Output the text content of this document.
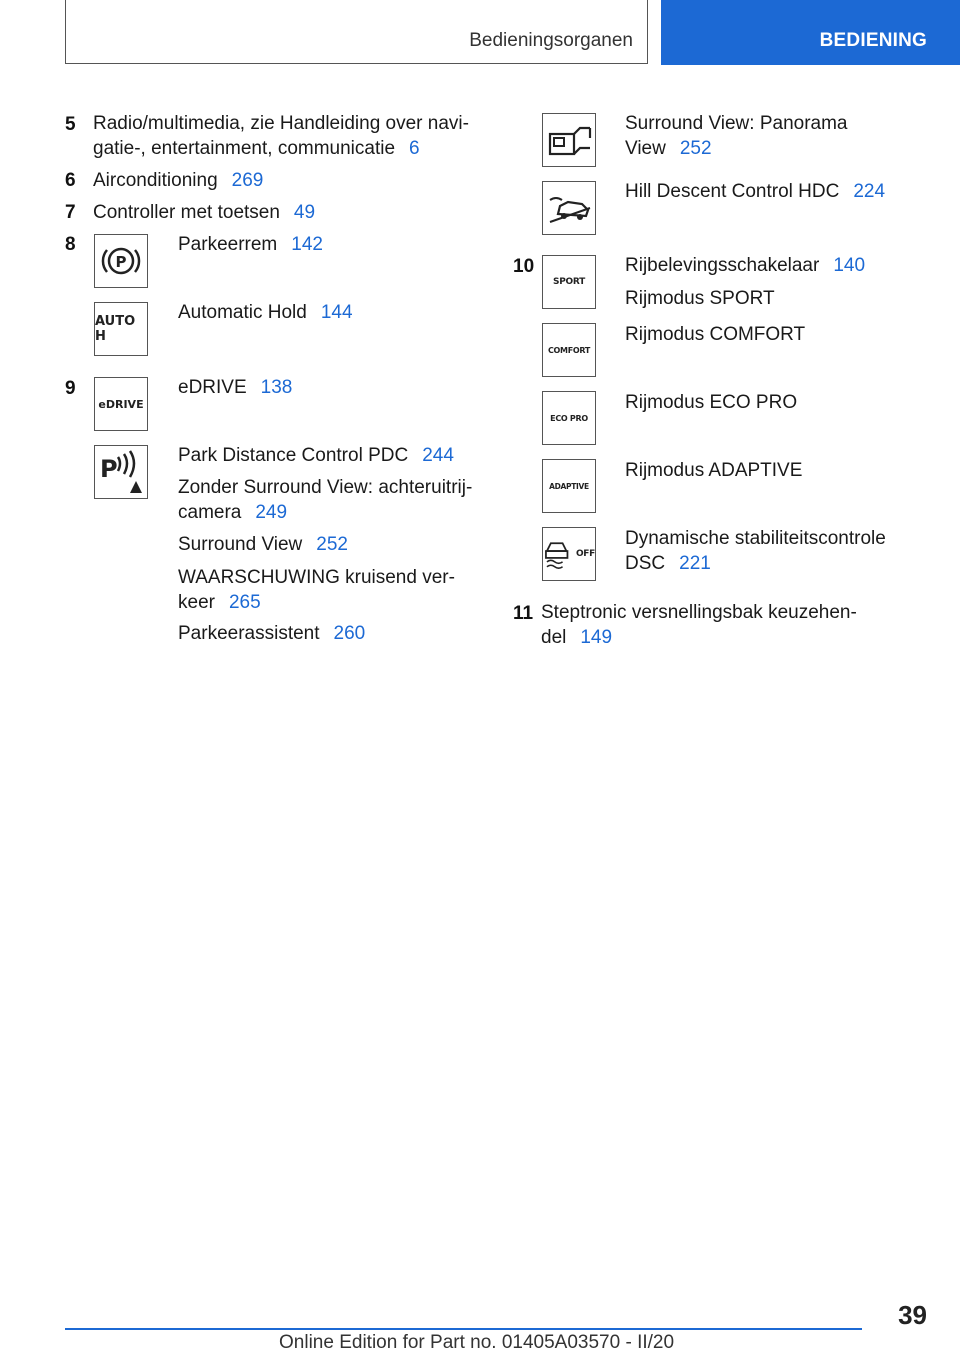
Bedieningsorganen	BEDIENING
5 Radio/multimedia, zie Handleiding over navi-
gatie-, entertainment, communicatie 6
6 Airconditioning 269
7 Controller met toetsen 49
8
P
Parkeerrem 142
AUTO H
Automatic Hold 144
9
eDRIVE
eDRIVE 138
P	Park Distance Control PDC 244
Zonder Surround View: achteruitrij-
camera 249
Surround View 252
WAARSCHUWING kruisend ver-
keer 265
Parkeerassistent 260
Surround View: Panorama
View 252
Hill Descent Control HDC 224
10
SPORT
Rijbelevingsschakelaar 140
Rijmodus SPORT
COMFORT
Rijmodus COMFORT
ECO PRO
Rijmodus ECO PRO
ADAPTIVE
Rijmodus ADAPTIVE
OFF
Dynamische stabiliteitscontrole
DSC 221
11 Steptronic versnellingsbak keuzehen-
del 149
39
Online Edition for Part no. 01405A03570 - II/20
